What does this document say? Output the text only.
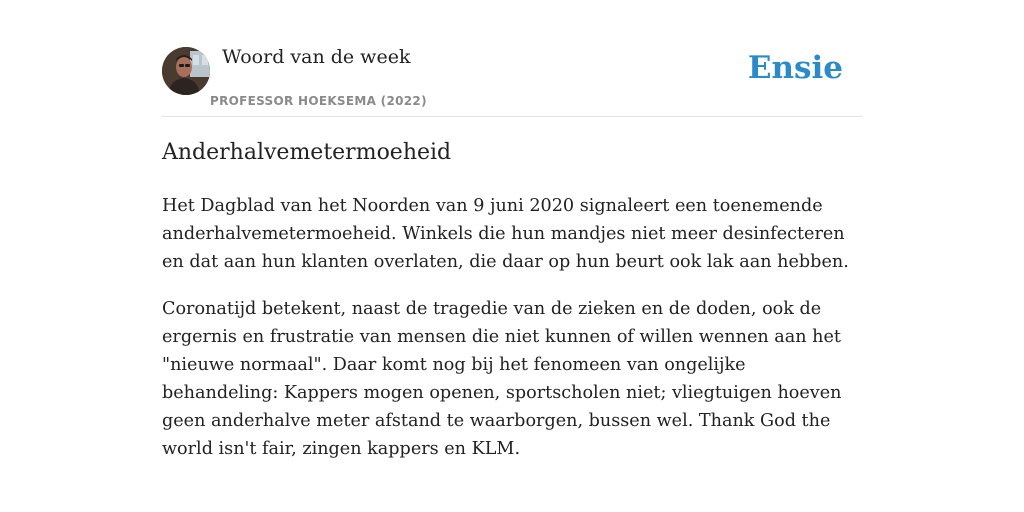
Woord van de week
PROFESSOR HOEKSEMA (2022)
Ensie
Anderhalvemetermoeheid

Het Dagblad van het Noorden van 9 juni 2020 signaleert een toenemende anderhalvemetermoeheid. Winkels die hun mandjes niet meer desinfecteren en dat aan hun klanten overlaten, die daar op hun beurt ook lak aan hebben.

Coronatijd betekent, naast de tragedie van de zieken en de doden, ook de ergernis en frustratie van mensen die niet kunnen of willen wennen aan het "nieuwe normaal". Daar komt nog bij het fenomeen van ongelijke behandeling: Kappers mogen openen, sportscholen niet; vliegtuigen hoeven geen anderhalve meter afstand te waarborgen, bussen wel. Thank God the world isn't fair, zingen kappers en KLM.
